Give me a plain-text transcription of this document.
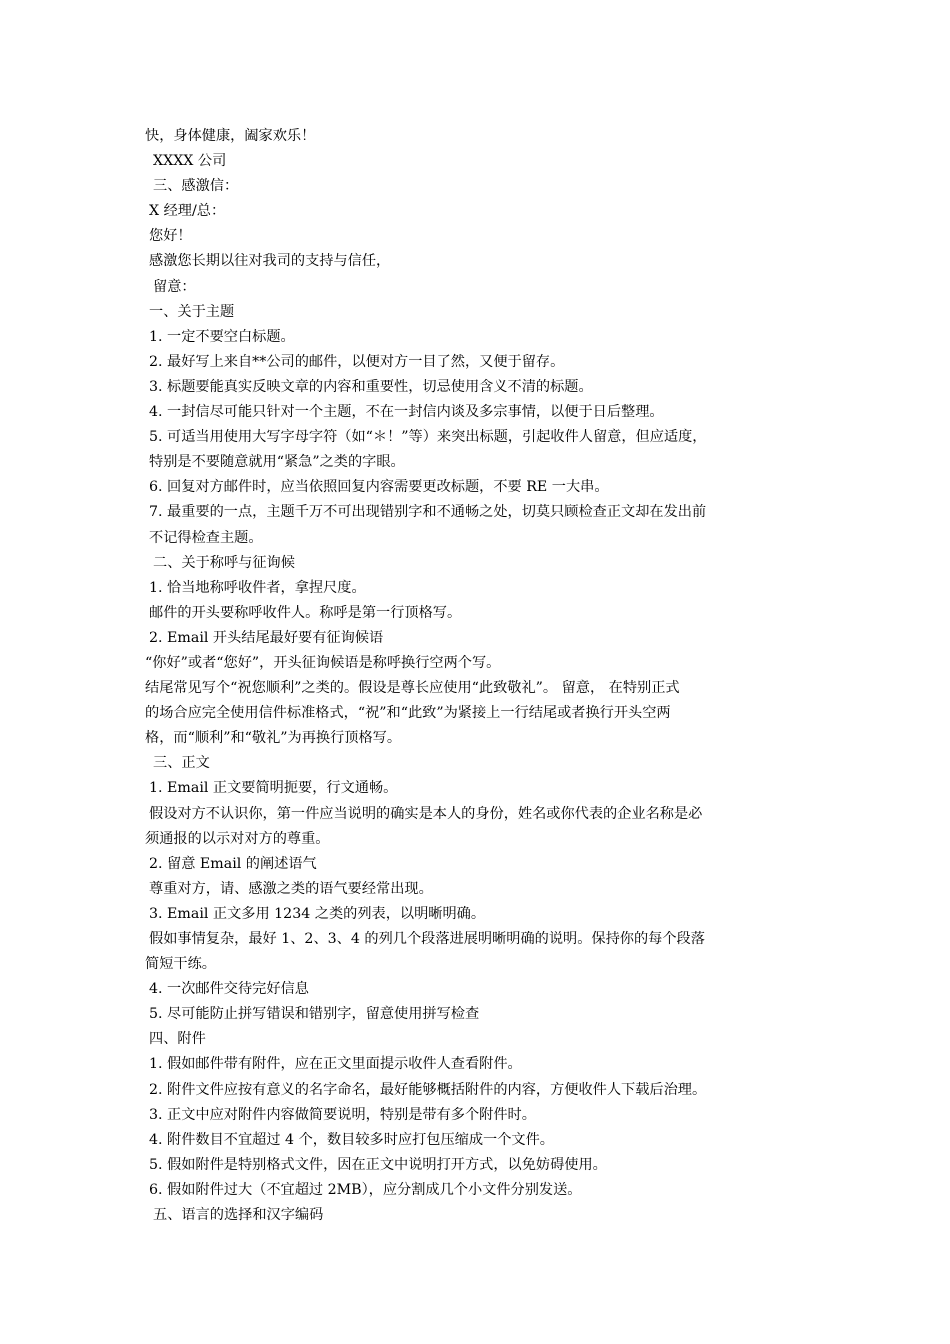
快，身体健康，阖家欢乐！
XXXX 公司
三、感激信：
X 经理/总：
您好！
感激您长期以往对我司的支持与信任，
留意：
一、关于主题
1. 一定不要空白标题。
2. 最好写上来自**公司的邮件，以便对方一目了然，又便于留存。
3. 标题要能真实反映文章的内容和重要性，切忌使用含义不清的标题。
4. 一封信尽可能只针对一个主题，不在一封信内谈及多宗事情，以便于日后整理。
5. 可适当用使用大写字母字符（如“＊！”等）来突出标题，引起收件人留意，但应适度，
特别是不要随意就用“紧急”之类的字眼。
6. 回复对方邮件时，应当依照回复内容需要更改标题，不要 RE 一大串。
7. 最重要的一点，主题千万不可出现错别字和不通畅之处，切莫只顾检查正文却在发出前
不记得检查主题。
二、关于称呼与征询候
1. 恰当地称呼收件者，拿捏尺度。
邮件的开头要称呼收件人。称呼是第一行顶格写。
2. Email 开头结尾最好要有征询候语
“你好”或者“您好”，开头征询候语是称呼换行空两个写。
结尾常见写个“祝您顺利”之类的。假设是尊长应使用“此致敬礼”。 留意， 在特别正式
的场合应完全使用信件标准格式，“祝”和“此致”为紧接上一行结尾或者换行开头空两
格，而“顺利”和“敬礼”为再换行顶格写。
三、正文
1. Email 正文要简明扼要，行文通畅。
假设对方不认识你，第一件应当说明的确实是本人的身份，姓名或你代表的企业名称是必
须通报的以示对对方的尊重。
2. 留意 Email 的阐述语气
尊重对方，请、感激之类的语气要经常出现。
3. Email 正文多用 1234 之类的列表，以明晰明确。
假如事情复杂，最好 1、2、3、4 的列几个段落进展明晰明确的说明。保持你的每个段落
简短干练。
4. 一次邮件交待完好信息
5. 尽可能防止拼写错误和错别字，留意使用拼写检查
四、附件
1. 假如邮件带有附件，应在正文里面提示收件人查看附件。
2. 附件文件应按有意义的名字命名，最好能够概括附件的内容，方便收件人下载后治理。
3. 正文中应对附件内容做简要说明，特别是带有多个附件时。
4. 附件数目不宜超过 4 个，数目较多时应打包压缩成一个文件。
5. 假如附件是特别格式文件，因在正文中说明打开方式，以免妨碍使用。
6. 假如附件过大（不宜超过 2MB），应分割成几个小文件分别发送。
五、语言的选择和汉字编码
